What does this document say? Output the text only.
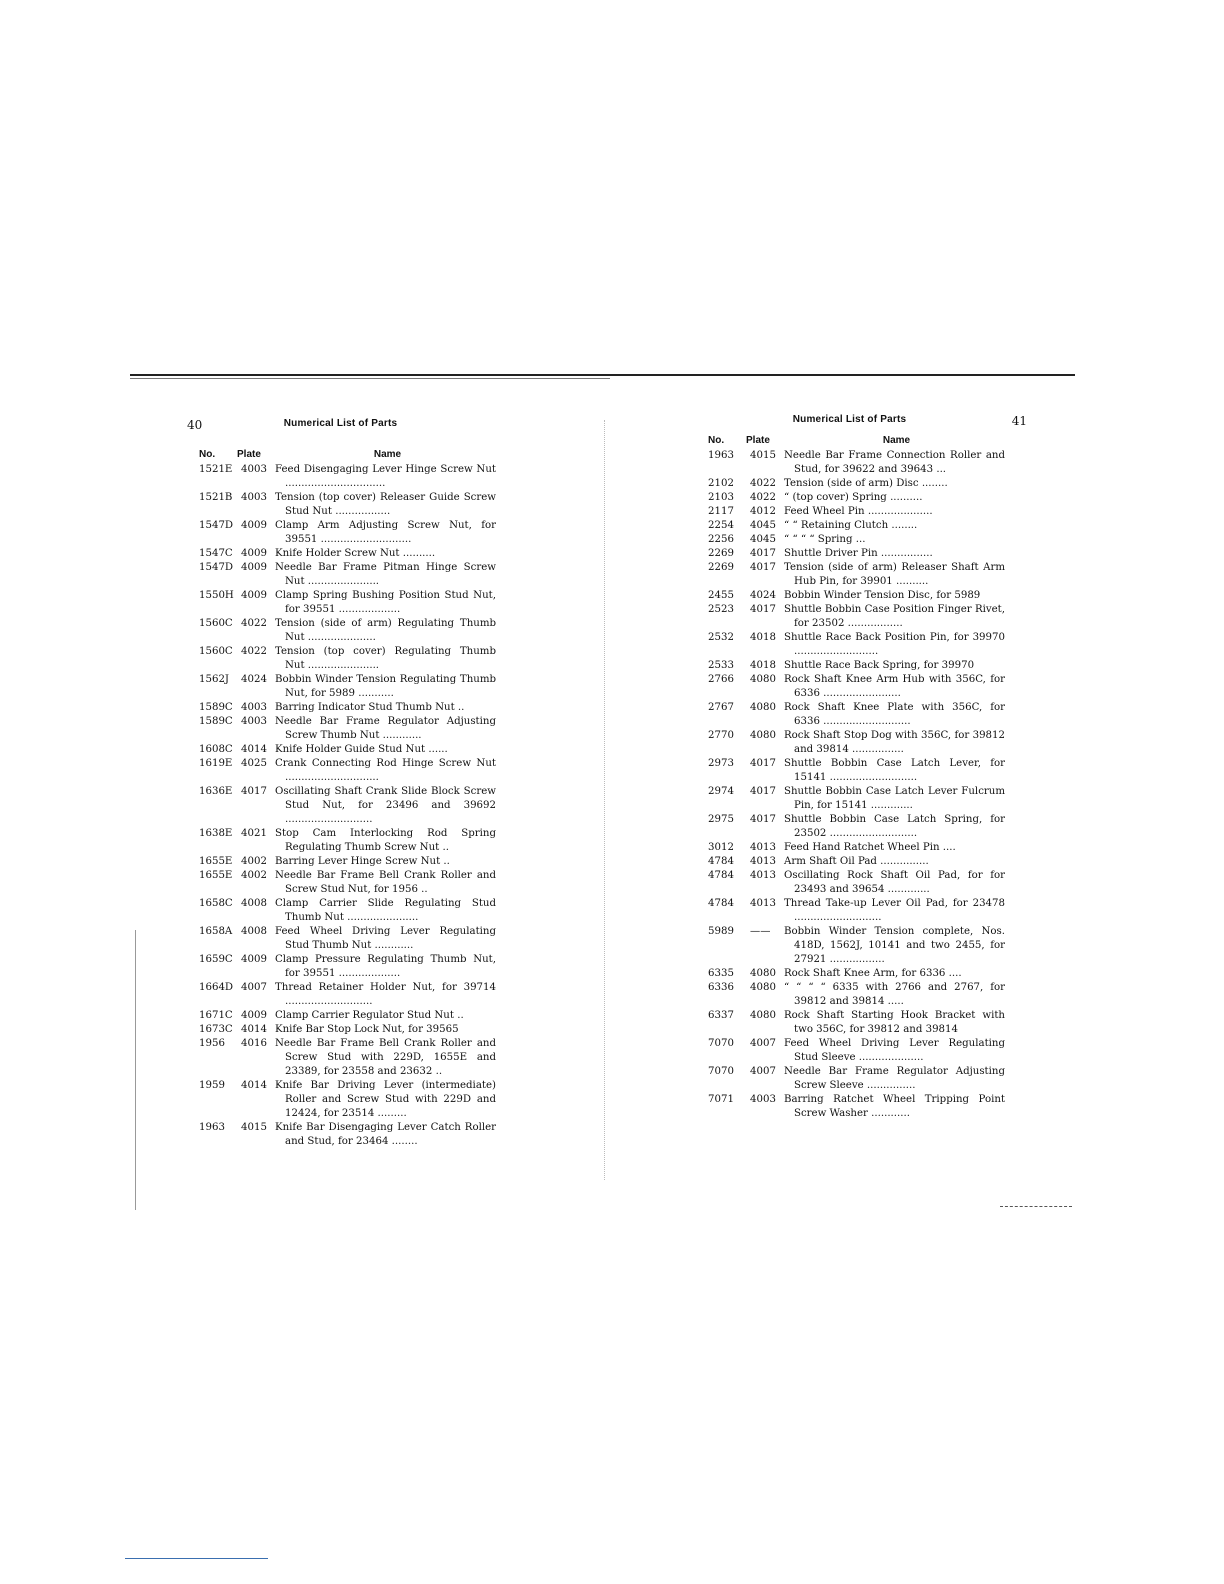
40	Numerical List of Parts
No.	Plate	Name
1521E 4003 Feed Disengaging Lever Hinge Screw Nut ...............................
1521B 4003 Tension (top cover) Releaser Guide Screw Stud Nut .................
1547D 4009 Clamp Arm Adjusting Screw Nut, for 39551 ............................
1547C 4009 Knife Holder Screw Nut ..........
1547D 4009 Needle Bar Frame Pitman Hinge Screw Nut ......................
1550H 4009 Clamp Spring Bushing Position Stud Nut, for 39551 ...................
1560C 4022 Tension (side of arm) Regulating Thumb Nut .....................
1560C 4022 Tension (top cover) Regulating Thumb Nut ......................
1562J	4024 Bobbin Winder Tension Regulating Thumb Nut, for 5989 ...........
1589C 4003 Barring Indicator Stud Thumb Nut ..
1589C 4003 Needle Bar Frame Regulator Adjusting Screw Thumb Nut ............
1608C 4014 Knife Holder Guide Stud Nut ......
1619E 4025 Crank Connecting Rod Hinge Screw Nut .............................
1636E 4017 Oscillating Shaft Crank Slide Block Screw Stud Nut, for 23496 and 39692 ...........................
1638E 4021 Stop Cam Interlocking Rod Spring Regulating Thumb Screw Nut ..
1655E 4002 Barring Lever Hinge Screw Nut ..
1655E 4002 Needle Bar Frame Bell Crank Roller and Screw Stud Nut, for 1956 ..
1658C 4008 Clamp Carrier Slide Regulating Stud Thumb Nut ......................
1658A 4008 Feed Wheel Driving Lever Regulating Stud Thumb Nut ............
1659C 4009 Clamp Pressure Regulating Thumb Nut, for 39551 ...................
1664D 4007 Thread Retainer Holder Nut, for 39714 ...........................
1671C 4009 Clamp Carrier Regulator Stud Nut ..
1673C 4014 Knife Bar Stop Lock Nut, for 39565
1956	4016 Needle Bar Frame Bell Crank Roller and Screw Stud with 229D, 1655E and 23389, for 23558 and 23632 ..
1959	4014 Knife Bar Driving Lever (intermediate) Roller and Screw Stud with 229D and 12424, for 23514 .........
1963	4015 Knife Bar Disengaging Lever Catch Roller and Stud, for 23464 ........
Numerical List of Parts	41
No.	Plate	Name
1963	4015 Needle Bar Frame Connection Roller and Stud, for 39622 and 39643 ...
2102	4022 Tension (side of arm) Disc ........
2103	4022 “ (top cover) Spring ..........
2117	4012 Feed Wheel Pin ....................
2254	4045 “ “ Retaining Clutch ........
2256	4045 “ “ “ “ Spring ...
2269	4017 Shuttle Driver Pin ................
2269	4017 Tension (side of arm) Releaser Shaft Arm Hub Pin, for 39901 ..........
2455	4024 Bobbin Winder Tension Disc, for 5989
2523	4017 Shuttle Bobbin Case Position Finger Rivet, for 23502 .................
2532	4018 Shuttle Race Back Position Pin, for 39970 ..........................
2533	4018 Shuttle Race Back Spring, for 39970
2766	4080 Rock Shaft Knee Arm Hub with 356C, for 6336 ........................
2767	4080 Rock Shaft Knee Plate with 356C, for 6336 ...........................
2770	4080 Rock Shaft Stop Dog with 356C, for 39812 and 39814 ................
2973	4017 Shuttle Bobbin Case Latch Lever, for 15141 ...........................
2974	4017 Shuttle Bobbin Case Latch Lever Fulcrum Pin, for 15141 .............
2975	4017 Shuttle Bobbin Case Latch Spring, for 23502 ...........................
3012	4013 Feed Hand Ratchet Wheel Pin ....
4784	4013 Arm Shaft Oil Pad ...............
4784	4013 Oscillating Rock Shaft Oil Pad, for for 23493 and 39654 .............
4784	4013 Thread Take-up Lever Oil Pad, for 23478 ...........................
5989	——	Bobbin Winder Tension complete, Nos. 418D, 1562J, 10141 and two 2455, for 27921 .................
6335	4080 Rock Shaft Knee Arm, for 6336 ....
6336	4080 “ “ “ “ 6335 with 2766 and 2767, for 39812 and 39814 .....
6337	4080 Rock Shaft Starting Hook Bracket with two 356C, for 39812 and 39814
7070	4007 Feed Wheel Driving Lever Regulating Stud Sleeve ....................
7070	4007 Needle Bar Frame Regulator Adjusting Screw Sleeve ...............
7071	4003 Barring Ratchet Wheel Tripping Point Screw Washer ............
